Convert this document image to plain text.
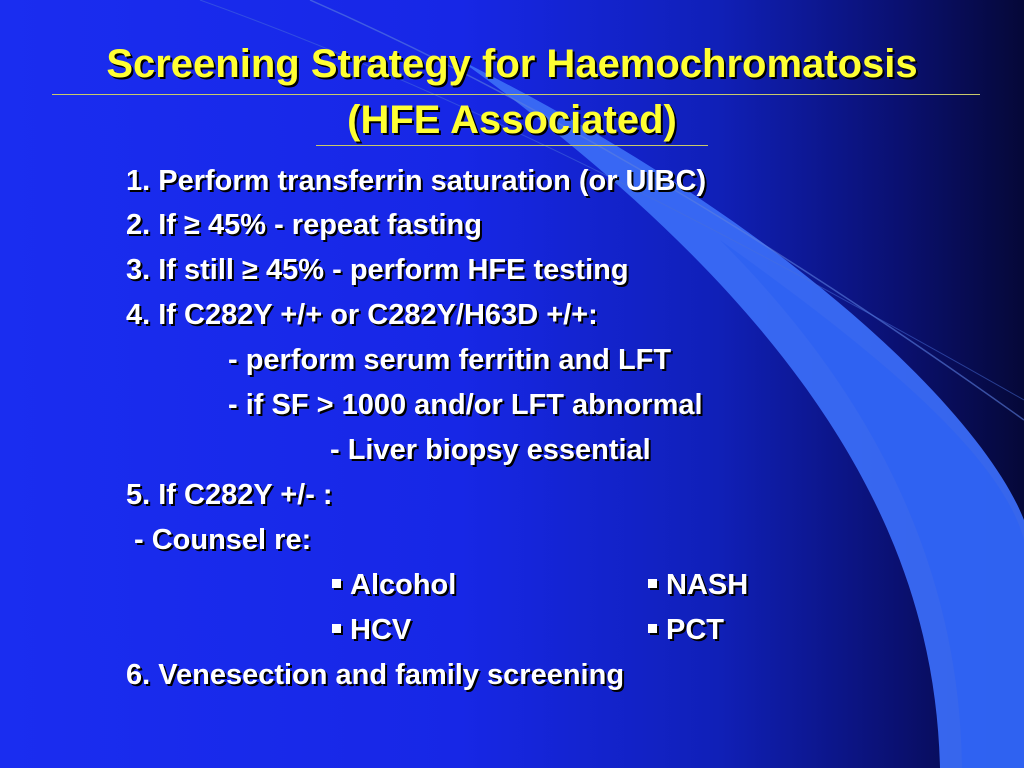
Screening Strategy for Haemochromatosis
(HFE Associated)
1. Perform transferrin saturation (or UIBC)
2. If ≥ 45% - repeat fasting
3. If still ≥ 45% - perform HFE testing
4. If C282Y +/+ or C282Y/H63D +/+:
- perform serum ferritin and LFT
- if SF > 1000 and/or LFT abnormal
- Liver biopsy essential
5. If C282Y +/- :
- Counsel re:
Alcohol	NASH
HCV	PCT
6. Venesection and family screening
